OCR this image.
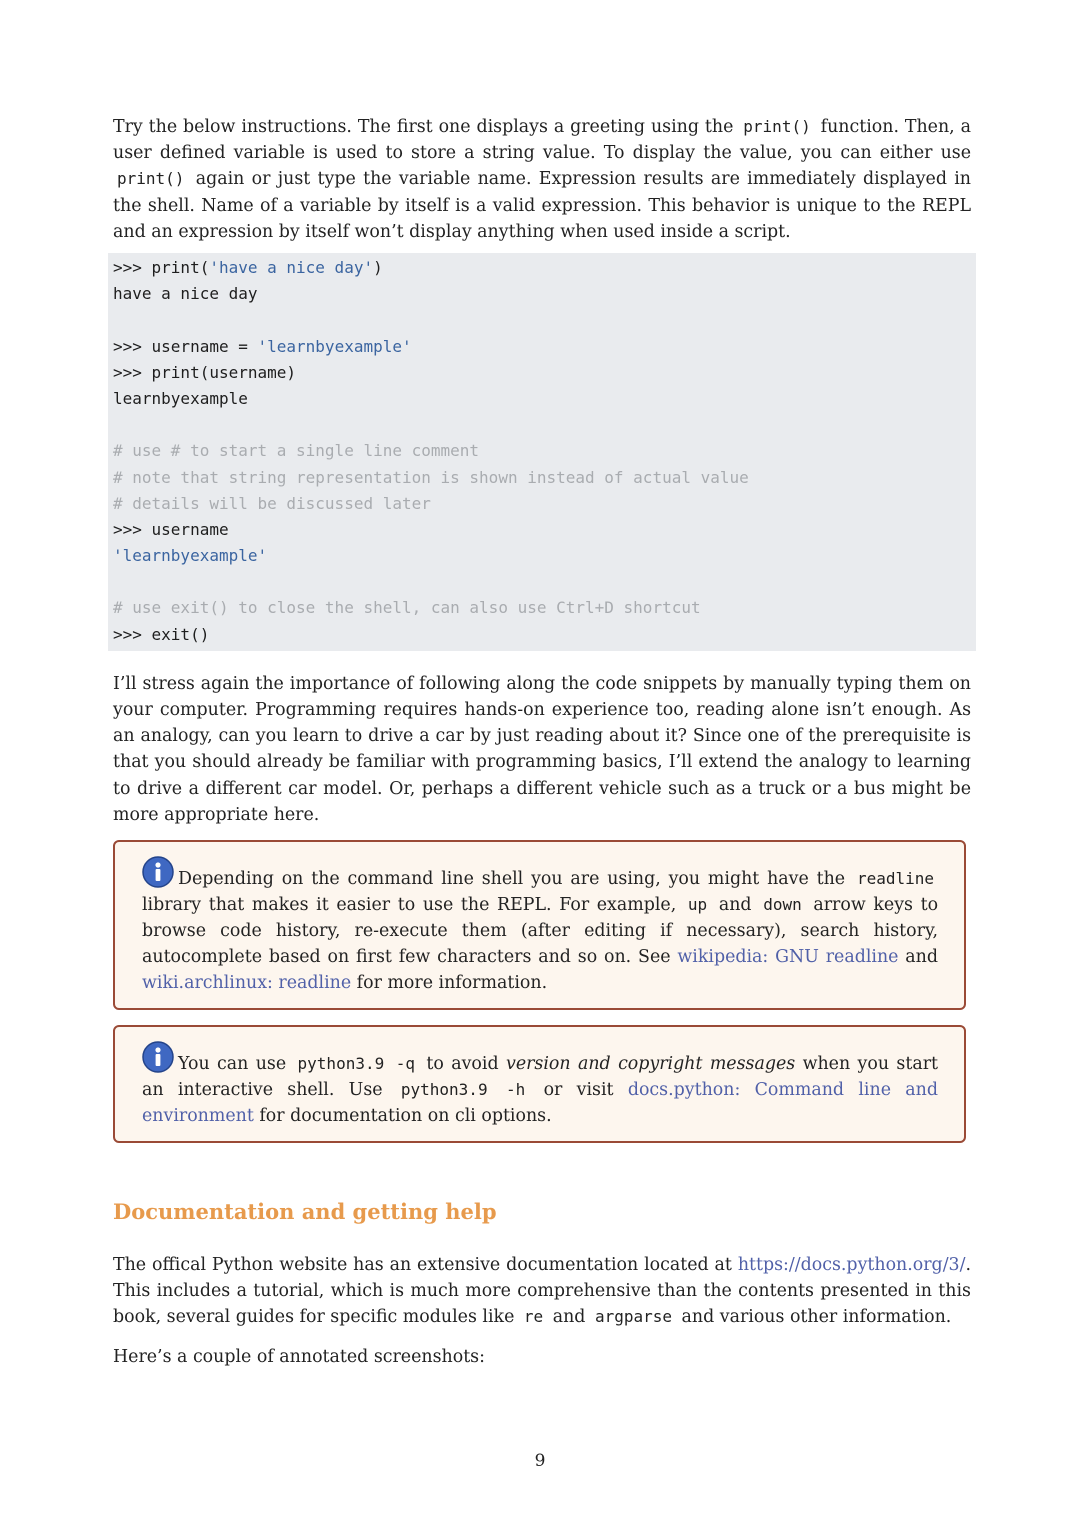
Try the below instructions. The first one displays a greeting using the print() function. Then, a user defined variable is used to store a string value. To display the value, you can either use print() again or just type the variable name. Expression results are immediately displayed in the shell. Name of a variable by itself is a valid expression. This behavior is unique to the REPL and an expression by itself won’t display anything when used inside a script.

>>> print('have a nice day')
have a nice day
>>> username = 'learnbyexample'
>>> print(username)
learnbyexample
# use # to start a single line comment
# note that string representation is shown instead of actual value
# details will be discussed later
>>> username
'learnbyexample'
# use exit() to close the shell, can also use Ctrl+D shortcut
>>> exit()

I’ll stress again the importance of following along the code snippets by manually typing them on your computer. Programming requires hands-on experience too, reading alone isn’t enough. As an analogy, can you learn to drive a car by just reading about it? Since one of the prerequisite is that you should already be familiar with programming basics, I’ll extend the analogy to learning to drive a different car model. Or, perhaps a different vehicle such as a truck or a bus might be more appropriate here.

Depending on the command line shell you are using, you might have the readline library that makes it easier to use the REPL. For example, up and down arrow keys to browse code history, re-execute them (after editing if necessary), search history, autocomplete based on first few characters and so on. See wikipedia: GNU readline and wiki.archlinux: readline for more information.

You can use python3.9 -q to avoid version and copyright messages when you start an interactive shell. Use python3.9 -h or visit docs.python: Command line and environment for documentation on cli options.

Documentation and getting help

The offical Python website has an extensive documentation located at https://docs.python.org/3/. This includes a tutorial, which is much more comprehensive than the contents presented in this book, several guides for specific modules like re and argparse and various other information.

Here’s a couple of annotated screenshots:

9
